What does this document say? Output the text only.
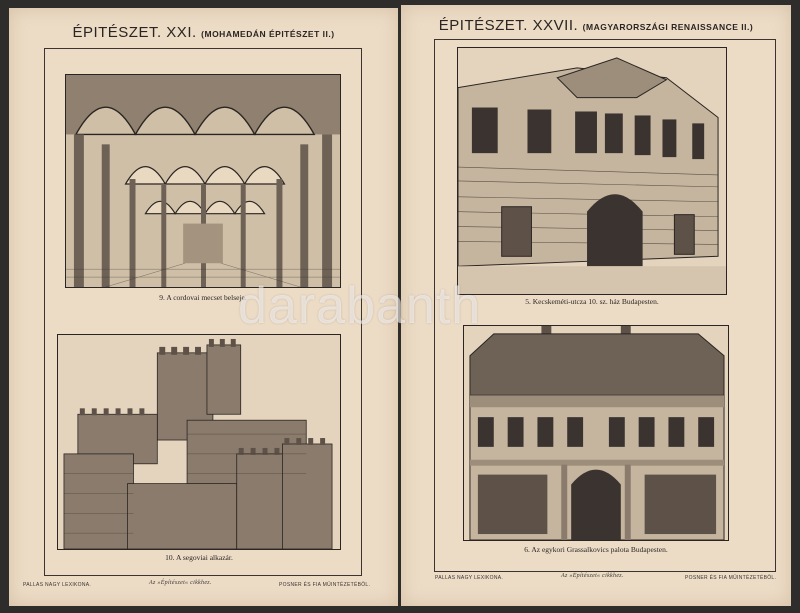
ÉPITÉSZET. XXI. (MOHAMEDÁN ÉPITÉSZET II.)
9. A cordovai mecset belseje.
10. A segoviai alkazár.
PALLAS NAGY LEXIKONA.	Az »Építészet« cikkhez.	POSNER ÉS FIA MŰINTÉZETÉBŐL.
ÉPITÉSZET. XXVII. (MAGYARORSZÁGI RENAISSANCE II.)
5. Kecskeméti-utcza 10. sz. ház Budapesten.
6. Az egykori Grassalkovics palota Budapesten.
PALLAS NAGY LEXIKONA.	Az »Építészet« cikkhez.	POSNER ÉS FIA MŰINTÉZETÉBŐL.
darabanth
